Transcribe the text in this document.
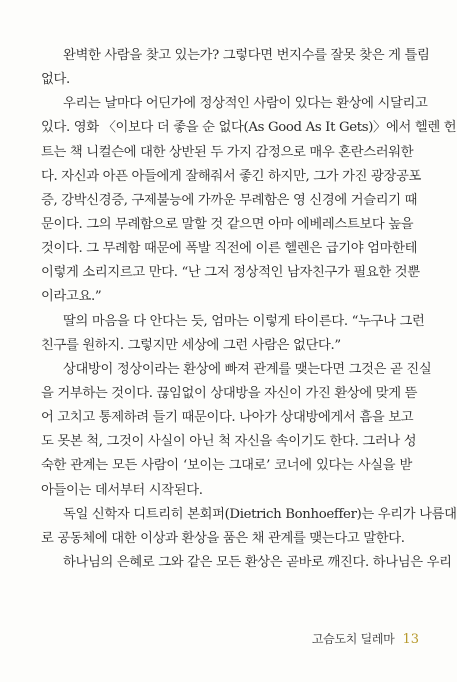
완벽한 사람을 찾고 있는가? 그렇다면 번지수를 잘못 찾은 게 틀림
없다.
우리는 날마다 어딘가에 정상적인 사람이 있다는 환상에 시달리고
있다. 영화 〈이보다 더 좋을 순 없다(As Good As It Gets)〉에서 헬렌 헌
트는 책 니컬슨에 대한 상반된 두 가지 감정으로 매우 혼란스러워한
다. 자신과 아픈 아들에게 잘해줘서 좋긴 하지만, 그가 가진 광장공포
증, 강박신경증, 구제불능에 가까운 무례함은 영 신경에 거슬리기 때
문이다. 그의 무례함으로 말할 것 같으면 아마 에베레스트보다 높을
것이다. 그 무례함 때문에 폭발 직전에 이른 헬렌은 급기야 엄마한테
이렇게 소리지르고 만다. “난 그저 정상적인 남자친구가 필요한 것뿐
이라고요.”
딸의 마음을 다 안다는 듯, 엄마는 이렇게 타이른다. “누구나 그런
친구를 원하지. 그렇지만 세상에 그런 사람은 없단다.”
상대방이 정상이라는 환상에 빠져 관계를 맺는다면 그것은 곧 진실
을 거부하는 것이다. 끊임없이 상대방을 자신이 가진 환상에 맞게 뜯
어 고치고 통제하려 들기 때문이다. 나아가 상대방에게서 흠을 보고
도 못본 척, 그것이 사실이 아닌 척 자신을 속이기도 한다. 그러나 성
숙한 관계는 모든 사람이 ‘보이는 그대로’ 코너에 있다는 사실을 받
아들이는 데서부터 시작된다.
독일 신학자 디트리히 본회퍼(Dietrich Bonhoeffer)는 우리가 나름대
로 공동체에 대한 이상과 환상을 품은 채 관계를 맺는다고 말한다.
하나님의 은혜로 그와 같은 모든 환상은 곧바로 깨진다. 하나님은 우리
고슴도치 딜레마 13
